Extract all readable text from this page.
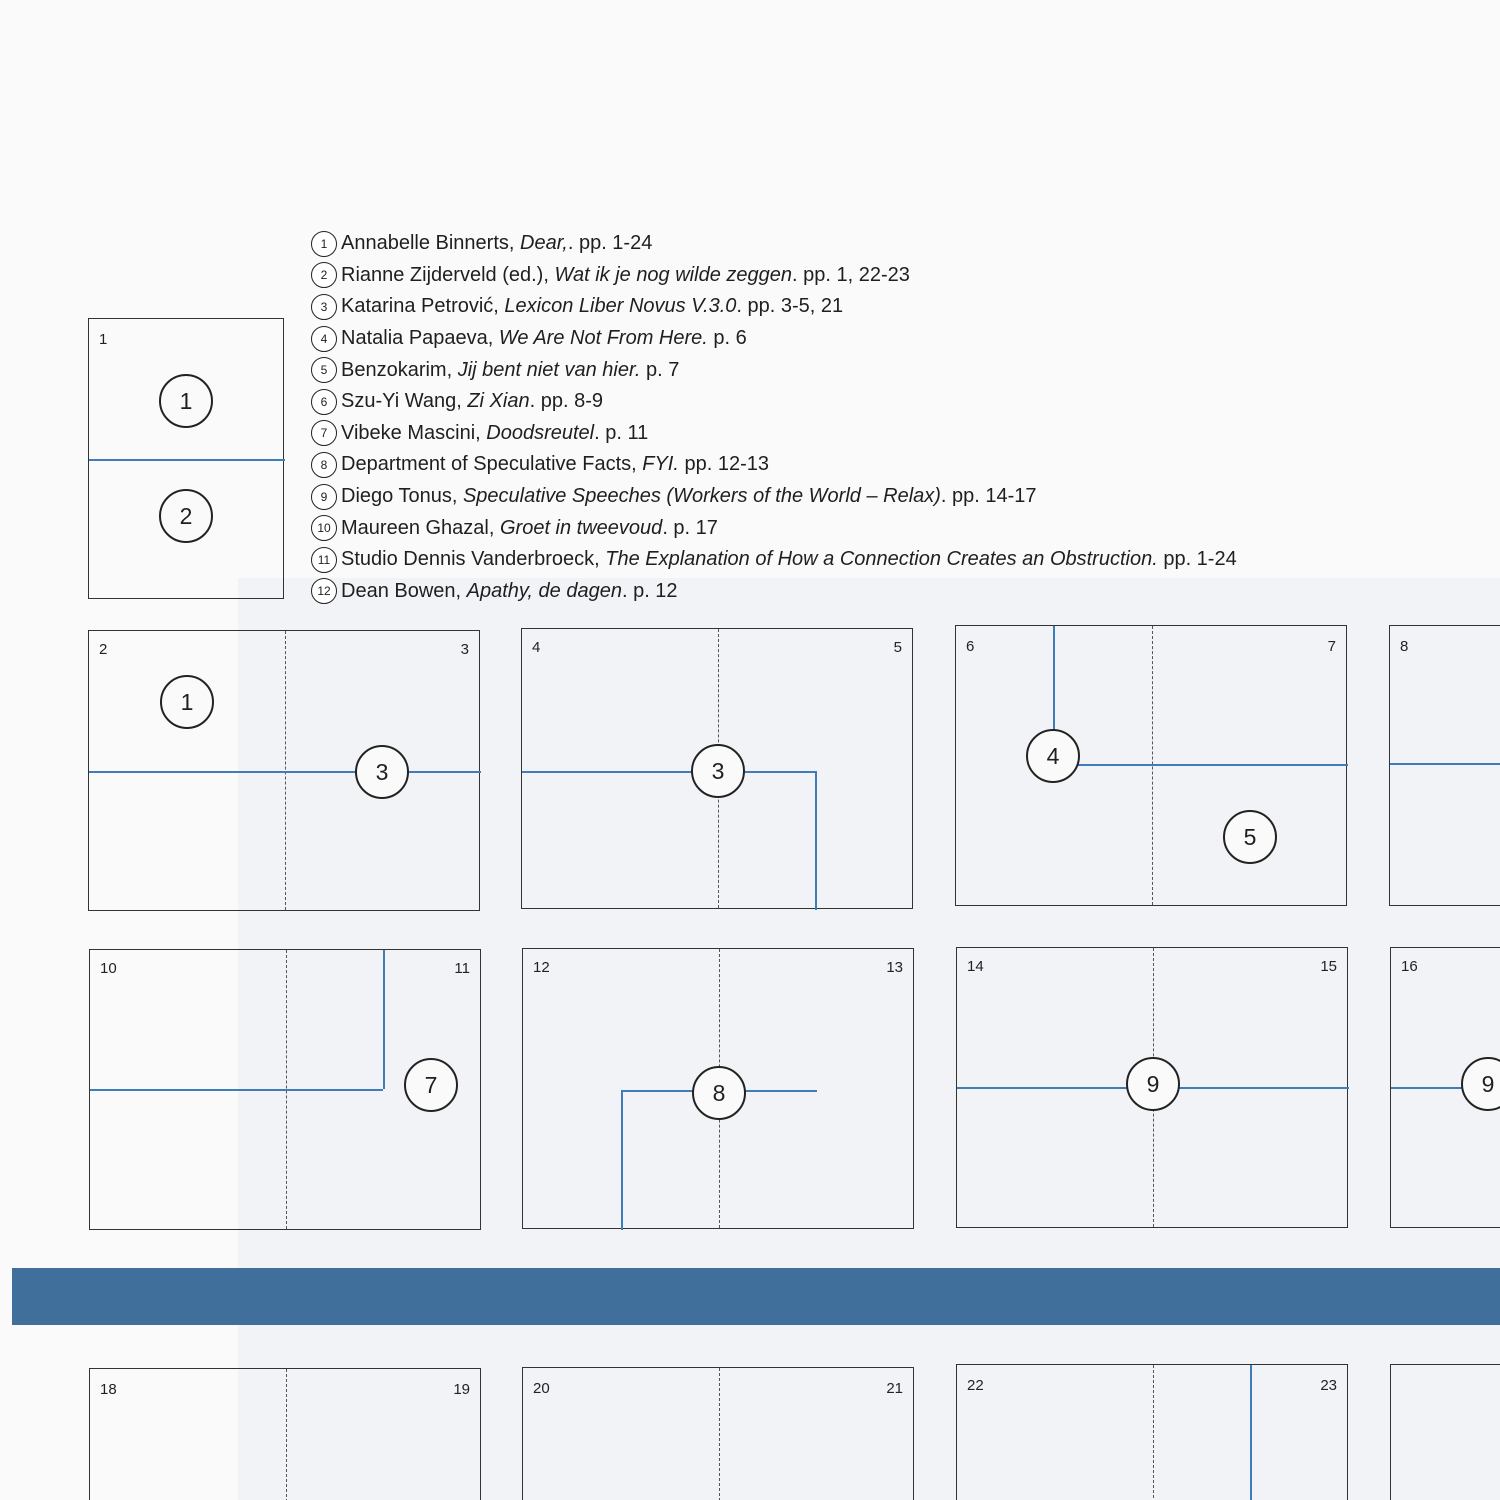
1 Annabelle Binnerts, Dear, . pp. 1-24
2 Rianne Zijderveld (ed.), Wat ik je nog wilde zeggen . pp. 1, 22-23
3 Katarina Petrović, Lexicon Liber Novus V.3.0 . pp. 3-5, 21
4 Natalia Papaeva, We Are Not From Here. p. 6
5 Benzokarim, Jij bent niet van hier. p. 7
6 Szu-Yi Wang, Zi Xian . pp. 8-9
7 Vibeke Mascini, Doodsreutel . p. 11
8 Department of Speculative Facts, FYI. pp. 12-13
9 Diego Tonus, Speculative Speeches (Workers of the World – Relax) . pp. 14-17
10 Maureen Ghazal, Groet in tweevoud . p. 17
11 Studio Dennis Vanderbroeck, The Explanation of How a Connection Creates an Obstruction. pp. 1-24
12 Dean Bowen, Apathy, de dagen . p. 12
1
1
2
2	3
1
3
4	5
3
6	7
4
5
8
10	11
7
12	13
8
14	15
9
16
9
18	19	20	21	22	23
